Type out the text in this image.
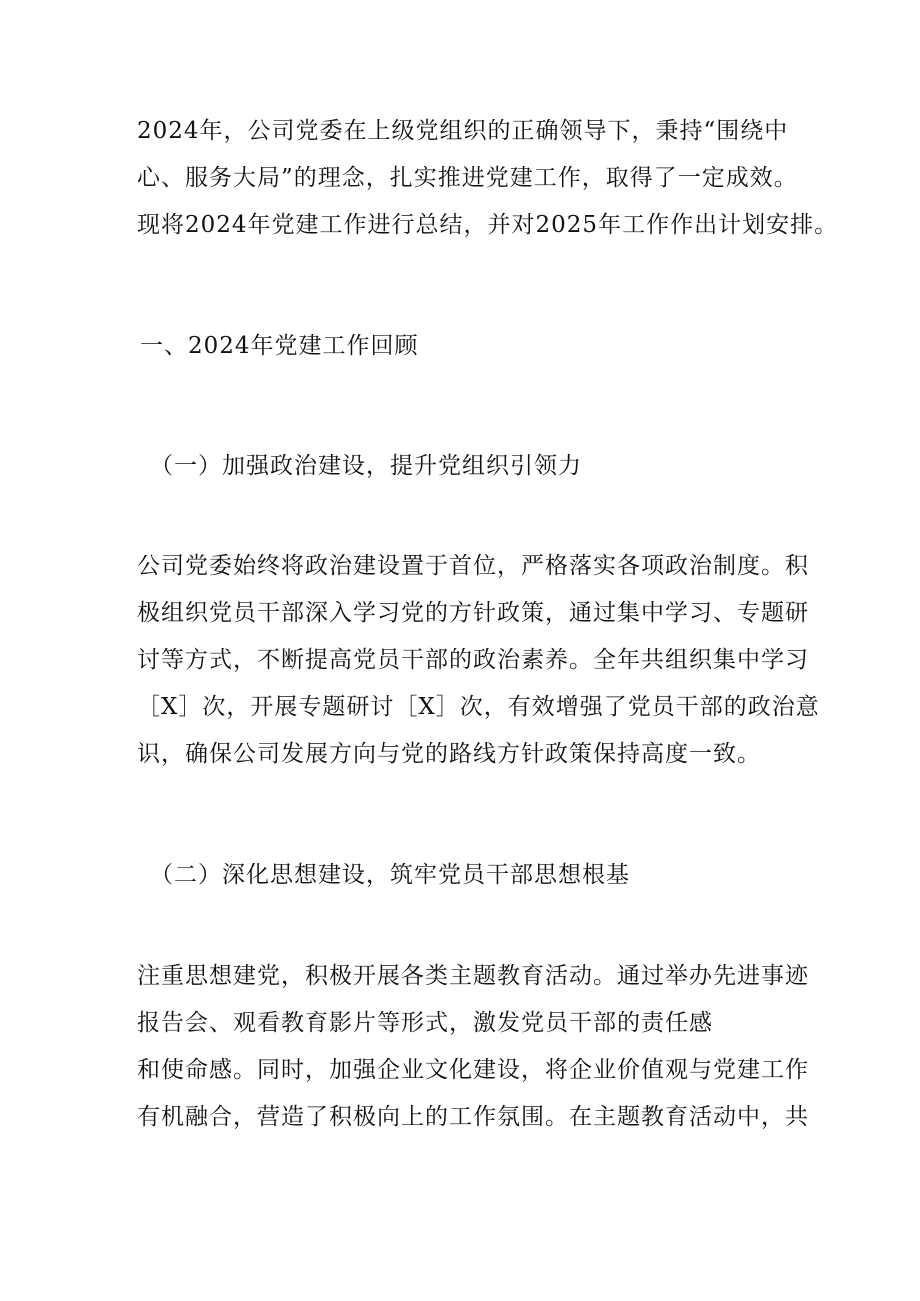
2024年，公司党委在上级党组织的正确领导下，秉持“围绕中
心、服务大局”的理念，扎实推进党建工作，取得了一定成效。
现将2024年党建工作进行总结，并对2025年工作作出计划安排。
一、2024年党建工作回顾
（一）加强政治建设，提升党组织引领力
公司党委始终将政治建设置于首位，严格落实各项政治制度。积
极组织党员干部深入学习党的方针政策，通过集中学习、专题研
讨等方式，不断提高党员干部的政治素养。全年共组织集中学习
［X］次，开展专题研讨［X］次，有效增强了党员干部的政治意
识，确保公司发展方向与党的路线方针政策保持高度一致。
（二）深化思想建设，筑牢党员干部思想根基
注重思想建党，积极开展各类主题教育活动。通过举办先进事迹
报告会、观看教育影片等形式，激发党员干部的责任感
和使命感。同时，加强企业文化建设，将企业价值观与党建工作
有机融合，营造了积极向上的工作氛围。在主题教育活动中，共
